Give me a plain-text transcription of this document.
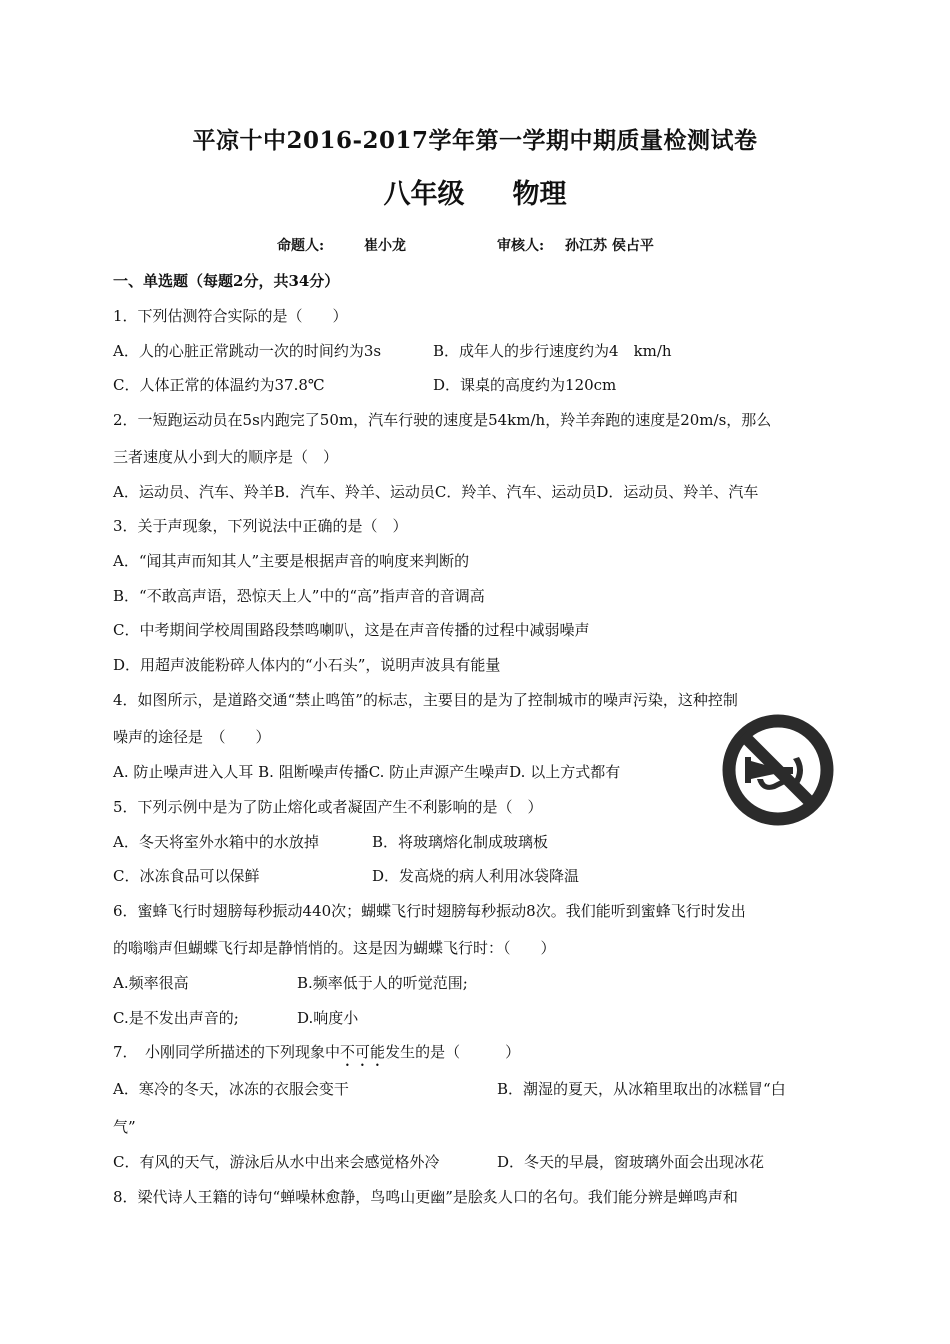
平凉十中2016-2017学年第一学期中期质量检测试卷
八年级 物理
命题人:	崔小龙	审核人: 孙江苏 侯占平
一、单选题（每题2分，共34分）
1．下列估测符合实际的是（　　）
A．人的心脏正常跳动一次的时间约为3s	B．成年人的步行速度约为4　km/h
C．人体正常的体温约为37.8℃	D．课桌的高度约为120cm
2．一短跑运动员在5s内跑完了50m，汽车行驶的速度是54km/h，羚羊奔跑的速度是20m/s，那么
三者速度从小到大的顺序是（　）
A．运动员、汽车、羚羊B．汽车、羚羊、运动员C．羚羊、汽车、运动员D．运动员、羚羊、汽车
3．关于声现象，下列说法中正确的是（　）
A．“闻其声而知其人”主要是根据声音的响度来判断的
B．“不敢高声语，恐惊天上人”中的“高”指声音的音调高
C．中考期间学校周围路段禁鸣喇叭，这是在声音传播的过程中减弱噪声
D．用超声波能粉碎人体内的“小石头”，说明声波具有能量
4．如图所示，是道路交通“禁止鸣笛”的标志，主要目的是为了控制城市的噪声污染，这种控制
噪声的途径是　（　　）
A. 防止噪声进入人耳 B. 阻断噪声传播C. 防止声源产生噪声D. 以上方式都有
5．下列示例中是为了防止熔化或者凝固产生不利影响的是（　）
A．冬天将室外水箱中的水放掉	B．将玻璃熔化制成玻璃板
C．冰冻食品可以保鲜	D．发高烧的病人利用冰袋降温
6．蜜蜂飞行时翅膀每秒振动440次；蝴蝶飞行时翅膀每秒振动8次。我们能听到蜜蜂飞行时发出
的嗡嗡声但蝴蝶飞行却是静悄悄的。这是因为蝴蝶飞行时：（　　）
A.频率很高	B.频率低于人的听觉范围;
C.是不发出声音的;	D.响度小
7．　小刚同学所描述的下列现象中不可能发生的是（　　　）
A．寒冷的冬天，冰冻的衣服会变干	B．潮湿的夏天，从冰箱里取出的冰糕冒“白
气”
C．有风的天气，游泳后从水中出来会感觉格外冷	D．冬天的早晨，窗玻璃外面会出现冰花
8．梁代诗人王籍的诗句“蝉噪林愈静，鸟鸣山更幽”是脍炙人口的名句。我们能分辨是蝉鸣声和
